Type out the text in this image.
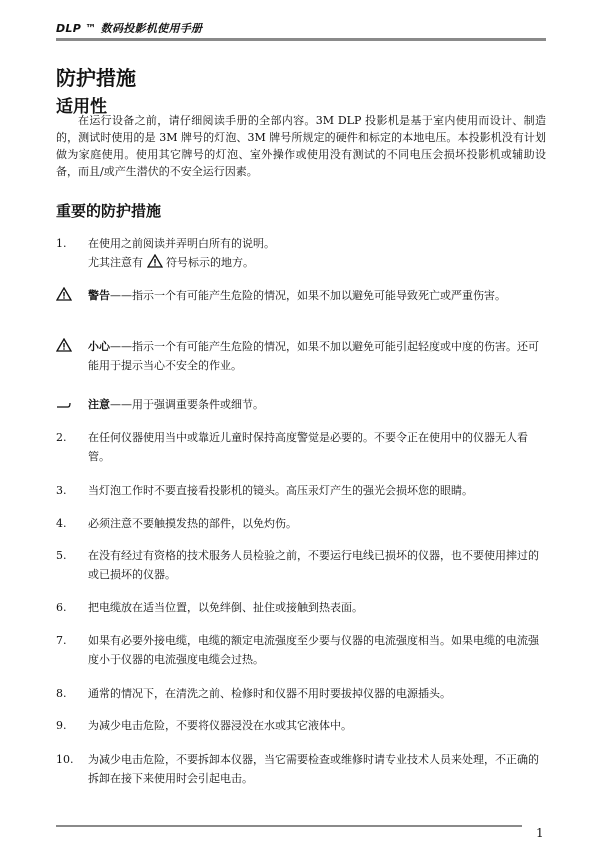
DLP ™ 数码投影机使用手册
防护措施
适用性
在运行设备之前，请仔细阅读手册的全部内容。3M DLP 投影机是基于室内使用而设计、制造的，测试时使用的是 3M 牌号的灯泡、3M 牌号所规定的硬件和标定的本地电压。本投影机没有计划做为家庭使用。使用其它牌号的灯泡、室外操作或使用没有测试的不同电压会损坏投影机或辅助设备，而且/或产生潜伏的不安全运行因素。
重要的防护措施
1.	在使用之前阅读并弄明白所有的说明。
尤其注意有 符号标示的地方。
警告——指示一个有可能产生危险的情况，如果不加以避免可能导致死亡或严重伤害。
小心——指示一个有可能产生危险的情况，如果不加以避免可能引起轻度或中度的伤害。还可能用于提示当心不安全的作业。
注意——用于强调重要条件或细节。
2.	在任何仪器使用当中或靠近儿童时保持高度警觉是必要的。不要令正在使用中的仪器无人看管。
3.	当灯泡工作时不要直接看投影机的镜头。高压汞灯产生的强光会损坏您的眼睛。
4.	必须注意不要触摸发热的部件，以免灼伤。
5.	在没有经过有资格的技术服务人员检验之前，不要运行电线已损坏的仪器，也不要使用摔过的或已损坏的仪器。
6.	把电缆放在适当位置，以免绊倒、扯住或接触到热表面。
7.	如果有必要外接电缆，电缆的额定电流强度至少要与仪器的电流强度相当。如果电缆的电流强度小于仪器的电流强度电缆会过热。
8.	通常的情况下，在清洗之前、检修时和仪器不用时要拔掉仪器的电源插头。
9.	为减少电击危险，不要将仪器浸没在水或其它液体中。
10.	为减少电击危险，不要拆卸本仪器，当它需要检查或维修时请专业技术人员来处理，不正确的拆卸在接下来使用时会引起电击。
1
